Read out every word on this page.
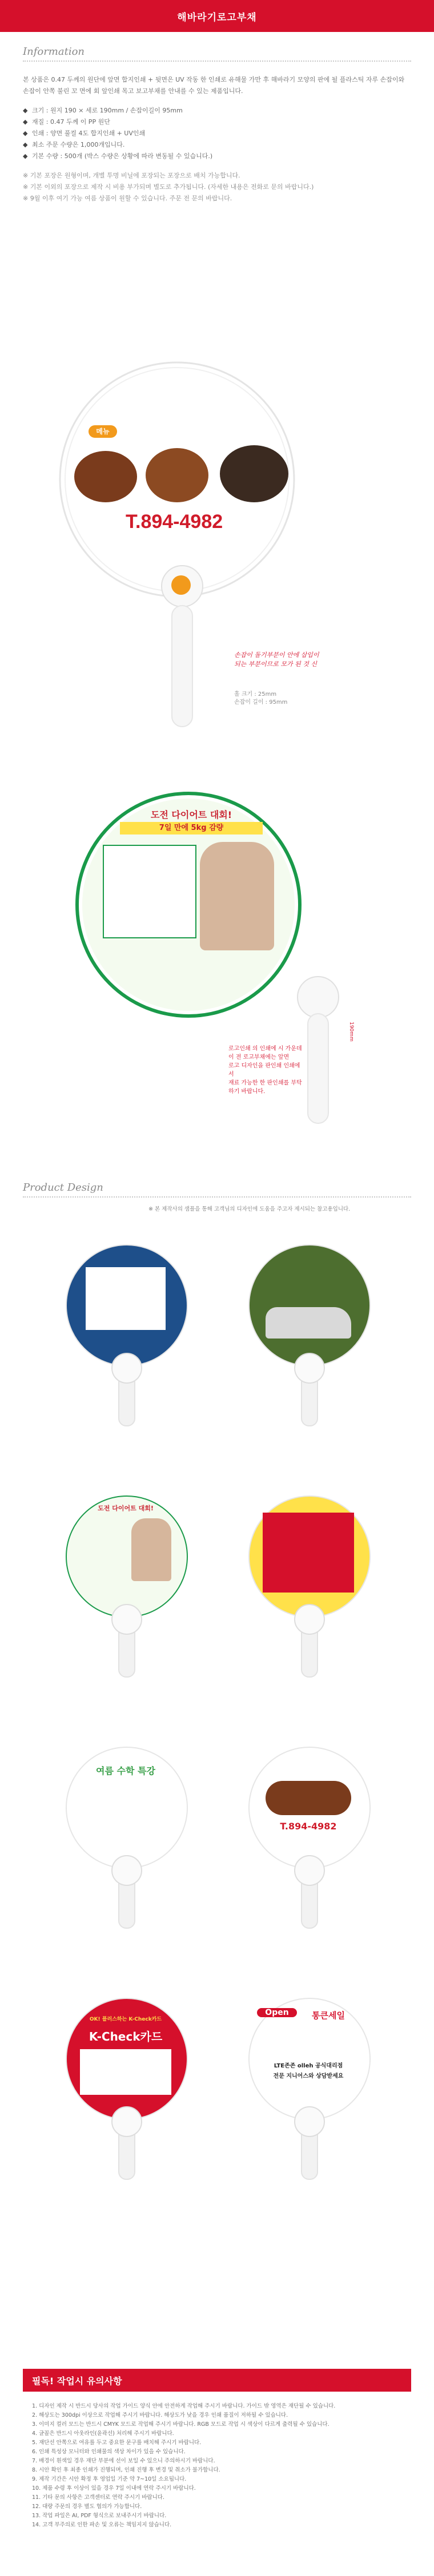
해바라기로고부채
Information
본 상품은 0.47 두께의 원단에 앞면 합지인쇄 + 뒷면은 UV 작동 한 인쇄로 유해물 가만 후 해바라기 모양의 판에 될 플라스틱 자루 손잡이와 손잡이 안쪽 불린 꼬 면에 회 앞인쇄 목고 보고부채를 안내를 수 있는 제품입니다.
◆ 크기 : 원지 190 × 세로 190mm / 손잡이길이 95mm
◆ 재질 : 0.47 두께 이 PP 원단
◆ 인쇄 : 양면 풀컬 4도 합지인쇄 + UV인쇄
◆ 최소 주문 수량은 1,000개입니다.
◆ 기본 수량 : 500개 (박스 수량은 상황에 따라 변동될 수 있습니다.)
※ 기본 포장은 원형이며, 개별 투명 비닐에 포장되는 포장으로 배치 가능합니다.
※ 기본 이외의 포장으로 제작 시 비용 부가되며 별도로 추가됩니다. (자세한 내용은 전화로 문의 바랍니다.)
※ 9월 이후 여기 가능 여름 상품이 원할 수 있습니다. 주문 전 문의 바랍니다.
메뉴
T.894-4982
손잡이 돌기부분이 안에 삽입이 되는 부분이므로 모가 된 것 신
홀 크기 : 25mm
손잡이 길이 : 95mm
도전 다이어트 대회!
7일 만에 5kg 감량
로고인쇄 의 인쇄에 시 가운데
이 전 로고부채에는 앞면
로고 디자인을 판인쇄 인쇄에서
재료 가능한 한 판인쇄를 부탁하기 바랍니다.
190mm
Product Design
※ 본 제작사의 샘플을 통해 고객님의 디자인에 도움을 주고자 제시되는 참고용입니다.
도전 다이어트 대회!
여름 수학 특강
T.894-4982
OK! 플러스하는 K-Check카드
K-Check카드
Open	통큰세일
LTE존존 olleh 공식대리점
전문 지니어스와 상담받세요
필독! 작업시 유의사항
1. 디자인 제작 시 반드시 당사의 작업 가이드 양식 안에 안전하게 작업해 주시기 바랍니다. 가이드 밖 영역은 재단될 수 있습니다.
2. 해상도는 300dpi 이상으로 작업해 주시기 바랍니다. 해상도가 낮을 경우 인쇄 품질이 저하될 수 있습니다.
3. 이미지 컬러 모드는 반드시 CMYK 모드로 작업해 주시기 바랍니다. RGB 모드로 작업 시 색상이 다르게 출력될 수 있습니다.
4. 글꼴은 반드시 아웃라인(윤곽선) 처리해 주시기 바랍니다.
5. 재단선 안쪽으로 여유를 두고 중요한 문구를 배치해 주시기 바랍니다.
6. 인쇄 특성상 모니터와 인쇄물의 색상 차이가 있을 수 있습니다.
7. 배경이 흰색일 경우 재단 부분에 선이 보일 수 있으니 주의하시기 바랍니다.
8. 시안 확인 후 최종 인쇄가 진행되며, 인쇄 진행 후 변경 및 취소가 불가합니다.
9. 제작 기간은 시안 확정 후 영업일 기준 약 7~10일 소요됩니다.
10. 제품 수령 후 이상이 있을 경우 7일 이내에 연락 주시기 바랍니다.
11. 기타 문의 사항은 고객센터로 연락 주시기 바랍니다.
12. 대량 주문의 경우 별도 협의가 가능합니다.
13. 작업 파일은 AI, PDF 형식으로 보내주시기 바랍니다.
14. 고객 부주의로 인한 파손 및 오류는 책임지지 않습니다.
